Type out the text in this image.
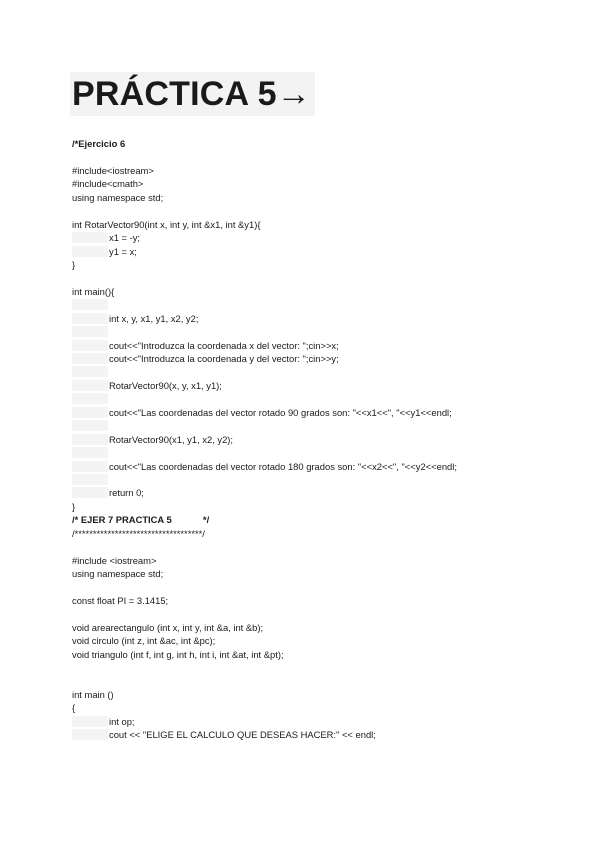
PRÁCTICA 5→
/*Ejercicio 6
#include<iostream>
#include<cmath>
using namespace std;
int RotarVector90(int x, int y, int &x1, int &y1){
x1 = -y;
y1 = x;
}
int main(){
int x, y, x1, y1, x2, y2;
cout<<"Introduzca la coordenada x del vector: ";cin>>x;
cout<<"Introduzca la coordenada y del vector: ";cin>>y;
RotarVector90(x, y, x1, y1);
cout<<"Las coordenadas del vector rotado 90 grados son: "<<x1<<", "<<y1<<endl;
RotarVector90(x1, y1, x2, y2);
cout<<"Las coordenadas del vector rotado 180 grados son: "<<x2<<", "<<y2<<endl;
return 0;
}
/* EJER 7 PRACTICA 5            */
/***********************************/
#include <iostream>
using namespace std;
const float PI = 3.1415;
void arearectangulo (int x, int y, int &a, int &b);
void circulo (int z, int &ac, int &pc);
void triangulo (int f, int g, int h, int i, int &at, int &pt);
int main ()
{
int op;
cout << "ELIGE EL CALCULO QUE DESEAS HACER:" << endl;
